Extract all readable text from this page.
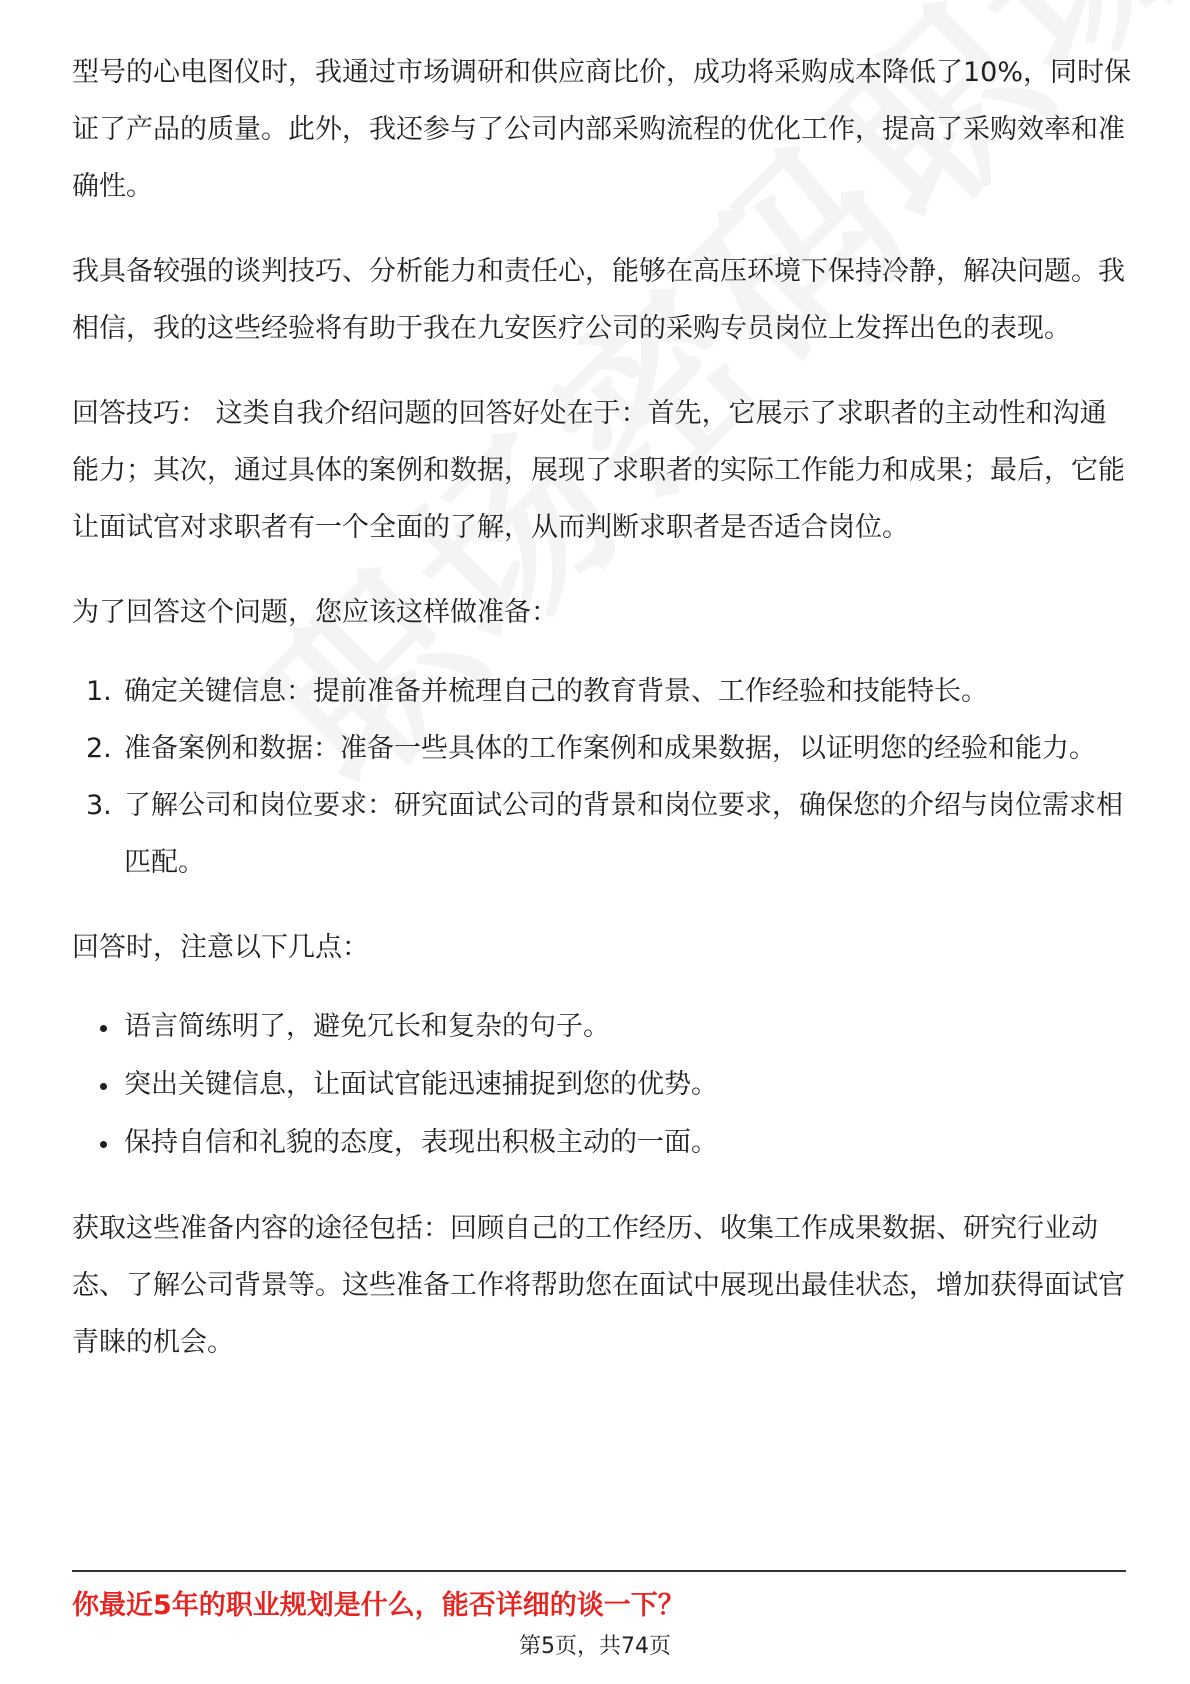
型号的心电图仪时，我通过市场调研和供应商比价，成功将采购成本降低了10%，同时保证了产品的质量。此外，我还参与了公司内部采购流程的优化工作，提高了采购效率和准确性。

我具备较强的谈判技巧、分析能力和责任心，能够在高压环境下保持冷静，解决问题。我相信，我的这些经验将有助于我在九安医疗公司的采购专员岗位上发挥出色的表现。

回答技巧： 这类自我介绍问题的回答好处在于：首先，它展示了求职者的主动性和沟通能力；其次，通过具体的案例和数据，展现了求职者的实际工作能力和成果；最后，它能让面试官对求职者有一个全面的了解，从而判断求职者是否适合岗位。

为了回答这个问题，您应该这样做准备：

1. 确定关键信息：提前准备并梳理自己的教育背景、工作经验和技能特长。
2. 准备案例和数据：准备一些具体的工作案例和成果数据，以证明您的经验和能力。
3. 了解公司和岗位要求：研究面试公司的背景和岗位要求，确保您的介绍与岗位需求相匹配。

回答时，注意以下几点：

语言简练明了，避免冗长和复杂的句子。
突出关键信息，让面试官能迅速捕捉到您的优势。
保持自信和礼貌的态度，表现出积极主动的一面。

获取这些准备内容的途径包括：回顾自己的工作经历、收集工作成果数据、研究行业动态、了解公司背景等。这些准备工作将帮助您在面试中展现出最佳状态，增加获得面试官青睐的机会。

你最近5年的职业规划是什么，能否详细的谈一下？
第5页，共74页
